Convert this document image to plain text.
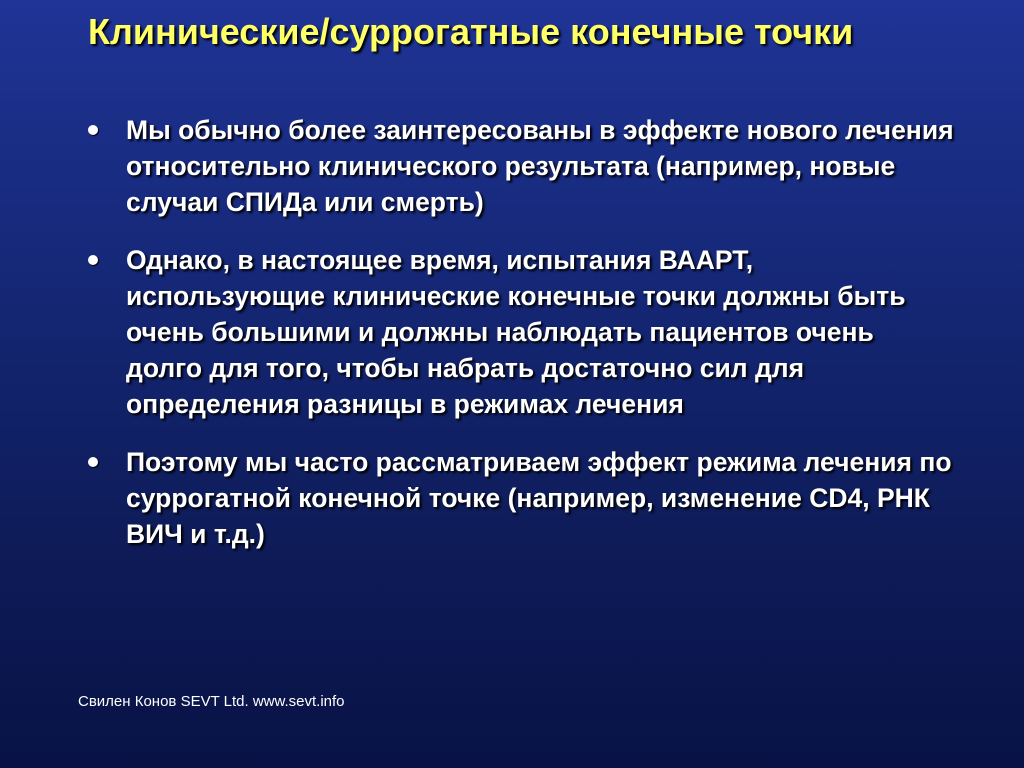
Клинические/суррогатные конечные точки
Мы обычно более заинтересованы в эффекте нового лечения относительно клинического результата (например, новые случаи СПИДа или смерть)
Однако, в настоящее время, испытания ВААРТ, использующие клинические конечные точки должны быть очень большими и должны наблюдать пациентов очень долго для того, чтобы набрать достаточно сил для определения разницы в режимах лечения
Поэтому мы часто рассматриваем эффект режима лечения по суррогатной конечной точке (например, изменение CD4, РНК ВИЧ и т.д.)
Свилен Конов SEVT Ltd. www.sevt.info
